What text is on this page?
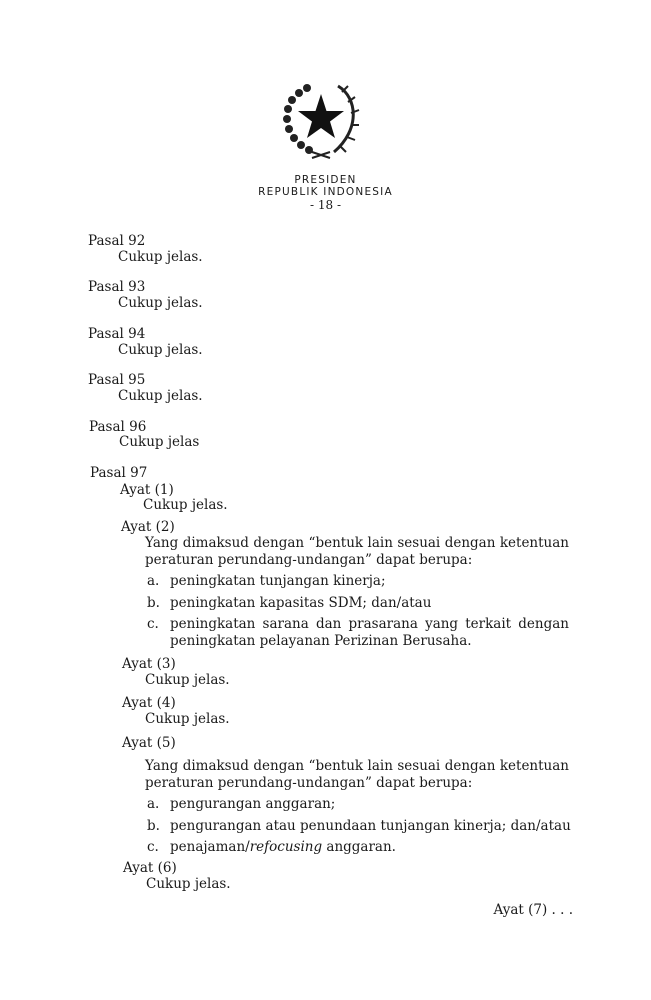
PRESIDEN
REPUBLIK INDONESIA
- 18 -
Pasal 92
Cukup jelas.
Pasal 93
Cukup jelas.
Pasal 94
Cukup jelas.
Pasal 95
Cukup jelas.
Pasal 96
Cukup jelas
Pasal 97
Ayat (1)
Cukup jelas.
Ayat (2)
Yang dimaksud dengan “bentuk lain sesuai dengan ketentuan
peraturan perundang-undangan” dapat berupa:
a. peningkatan tunjangan kinerja;
b. peningkatan kapasitas SDM; dan/atau
c. peningkatan sarana dan prasarana yang terkait dengan
peningkatan pelayanan Perizinan Berusaha.
Ayat (3)
Cukup jelas.
Ayat (4)
Cukup jelas.
Ayat (5)
Yang dimaksud dengan “bentuk lain sesuai dengan ketentuan
peraturan perundang-undangan” dapat berupa:
a. pengurangan anggaran;
b. pengurangan atau penundaan tunjangan kinerja; dan/atau
c. penajaman/refocusing anggaran.
Ayat (6)
Cukup jelas.
Ayat (7) . . .
